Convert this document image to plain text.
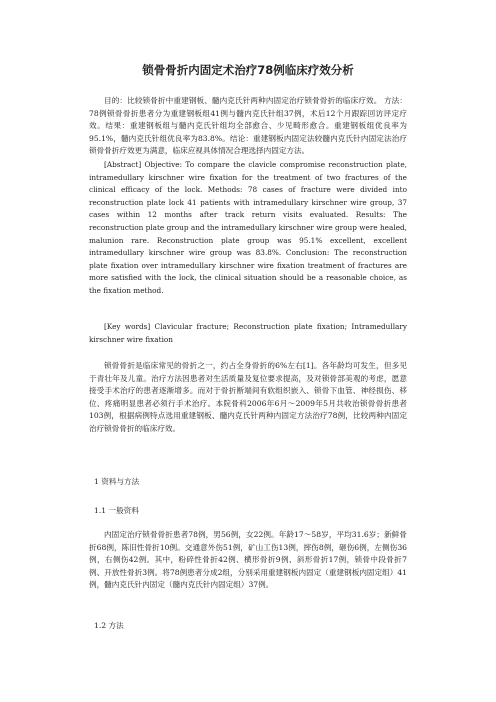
锁骨骨折内固定术治疗78例临床疗效分析

目的：比较锁骨折中重建钢板、髓内克氏针两种内固定治疗锁骨骨折的临床疗效。 方法：78例锁骨骨折患者分为重建钢板组41例与髓内克氏针组37例，术后12个月跟踪回访评定疗效。结果：重建钢板组与髓内克氏针组均全部愈合、少见畸形愈合。重建钢板组优良率为95.1%，髓内克氏针组优良率为83.8%。结论：重建钢板内固定法较髓内克氏针内固定法治疗锁骨骨折疗效更为满意，临床应视具体情况合理选择内固定方法。

[Abstract] Objective: To compare the clavicle compromise reconstruction plate, intramedullary kirschner wire fixation for the treatment of two fractures of the clinical efficacy of the lock. Methods: 78 cases of fracture were divided into reconstruction plate lock 41 patients with intramedullary kirschner wire group, 37 cases within 12 months after track return visits evaluated. Results: The reconstruction plate group and the intramedullary kirschner wire group were healed, malunion rare. Reconstruction plate group was 95.1% excellent, excellent intramedullary kirschner wire group was 83.8%. Conclusion: The reconstruction plate fixation over intramedullary kirschner wire fixation treatment of fractures are more satisfied with the lock, the clinical situation should be a reasonable choice, as the fixation method.

[Key words] Clavicular fracture; Reconstruction plate fixation; Intramedullary kirschner wire fixation

锁骨骨折是临床常见的骨折之一，约占全身骨折的6%左右[1]。各年龄均可发生，但多见于青壮年及儿童。治疗方法因患者对生活质量及复位要求提高，及对锁骨部美观的考虑，愿意接受手术治疗的患者逐渐增多。而对于骨折断端间有软组织嵌入、锁骨下血管、神经损伤、移位、疼痛明显患者必须行手术治疗。本院骨科2006年6月～2009年5月共收治锁骨骨折患者103例，根据病例特点选用重建钢板、髓内克氏针两种内固定方法治疗78例，比较两种内固定治疗锁骨骨折的临床疗效。

1 资料与方法
1.1 一般资料

内固定治疗锁骨骨折患者78例，男56例，女22例。年龄17～58岁，平均31.6岁；新鲜骨折68例，陈旧性骨折10例。交通意外伤51例，矿山工伤13例，摔伤8例，砸伤6例，左侧伤36例，右侧伤42例。其中，粉碎性骨折42例、横形骨折9例、斜形骨折17例，锁骨中段骨折7例、开放性骨折3例。将78例患者分成2组，分别采用重建钢板内固定（重建钢板内固定组）41例，髓内克氏针内固定（髓内克氏针内固定组）37例。

1.2 方法
